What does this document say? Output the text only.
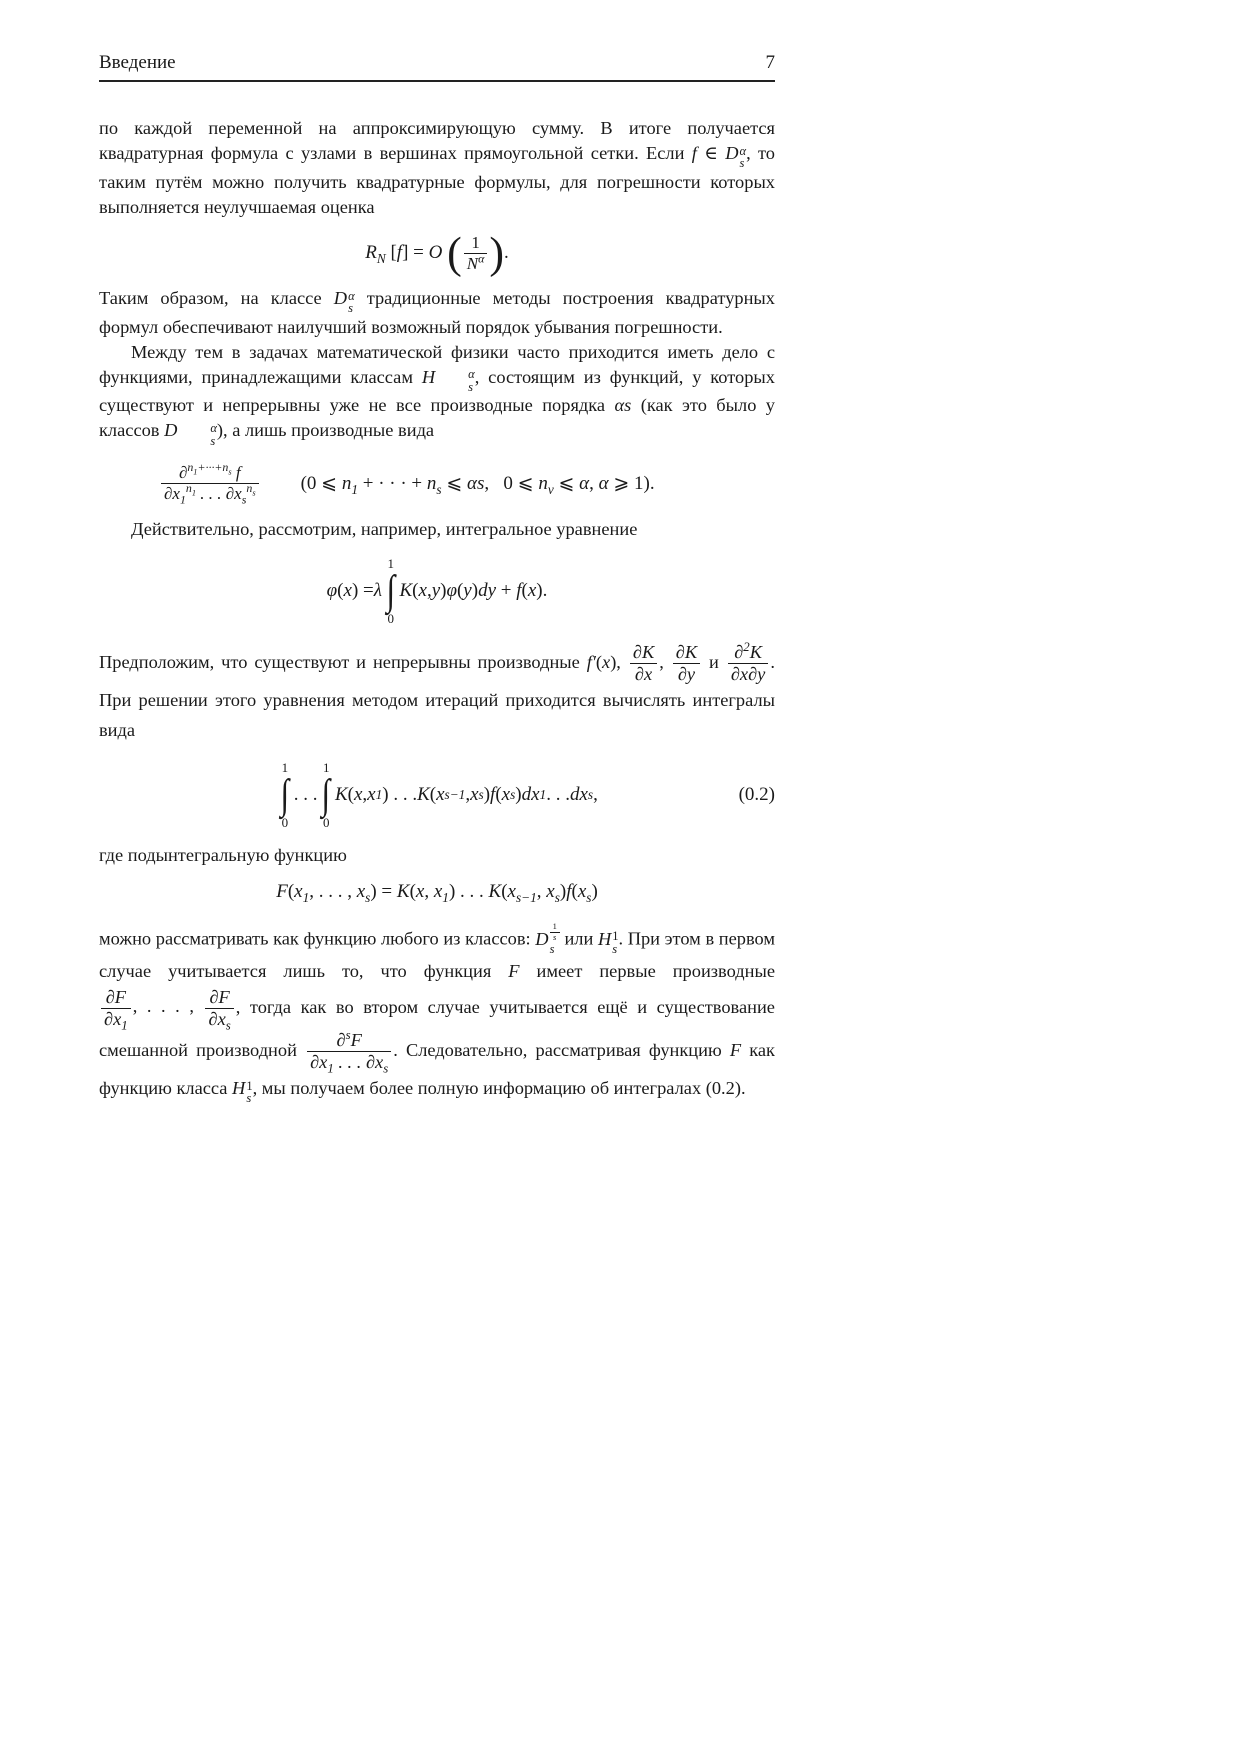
Введение	7

по каждой переменной на аппроксимирующую сумму. В итоге получается квадратурная формула с узлами в вершинах прямоугольной сетки. Если f ∈ D α
s
, то таким путём можно получить квадратурные формулы, для погрешности которых выполняется неулучшаемая оценка

$R_N$ [f] = O ( $\frac{1}{N^\alpha}$ ).

Таким образом, на классе D α
s
традиционные методы построения квадратурных формул обеспечивают наилучший возможный порядок убывания погрешности.

Между тем в задачах математической физики часто приходится иметь дело с функциями, принадлежащими классам H	α
s
, состоящим из функций, у которых существуют и непрерывны уже не все производные порядка αs (как это было у классов D	α
s
), а лишь производные вида

$\frac{\partial^{n_1+\cdot\cdot\cdot+n_s} f}{\partial x_1^{n_1} . . . \partial x_s^{n_s}} (0$ ⩽ $n_1$ + · · · + $n_s$ ⩽ αs,   0 ⩽ $n_\nu$ ⩽ α, α ⩾ 1).

Действительно, рассмотрим, например, интегральное уравнение

φ ( x ) = λ
1
∫
0
K ( x , y ) φ ( y ) dy + f ( x ).

Предположим, что существуют и непрерывны производные f′(x), $\frac{\partial K}{\partial x}$ , $\frac{\partial K}{\partial y}$ и $\frac{\partial^2K}{\partial x\partial y}$ . При решении этого уравнения методом итераций приходится вычислять интегралы вида

1
∫
0
. . .
1
∫
0
K ( x , x 1 ) . . . K ( x s−1 , x s ) f ( x s ) dx 1 . . . dx s ,	(0.2)

где подынтегральную функцию

$F(x_1$, . . . , $x_s) = K(x$, $x_1$) . . . $K(x_{s-1}$, $x_s)f(x_s)$

можно рассматривать как функцию любого из классов: D
1
s
s
или H 1
s
. При этом в первом случае учитывается лишь то, что функция F имеет первые производные
$\frac{\partial F}{\partial x_1}$ , . . . , $\frac{\partial F}{\partial x_s}$ , тогда как во втором случае учитывается ещё и существование смешанной производной $\frac{\partial^sF}{\partial x_1 . . . \partial x_s}$ . Следовательно, рассматривая функцию F как функцию класса H 1
s
, мы получаем более полную информацию об интегралах (0.2).
